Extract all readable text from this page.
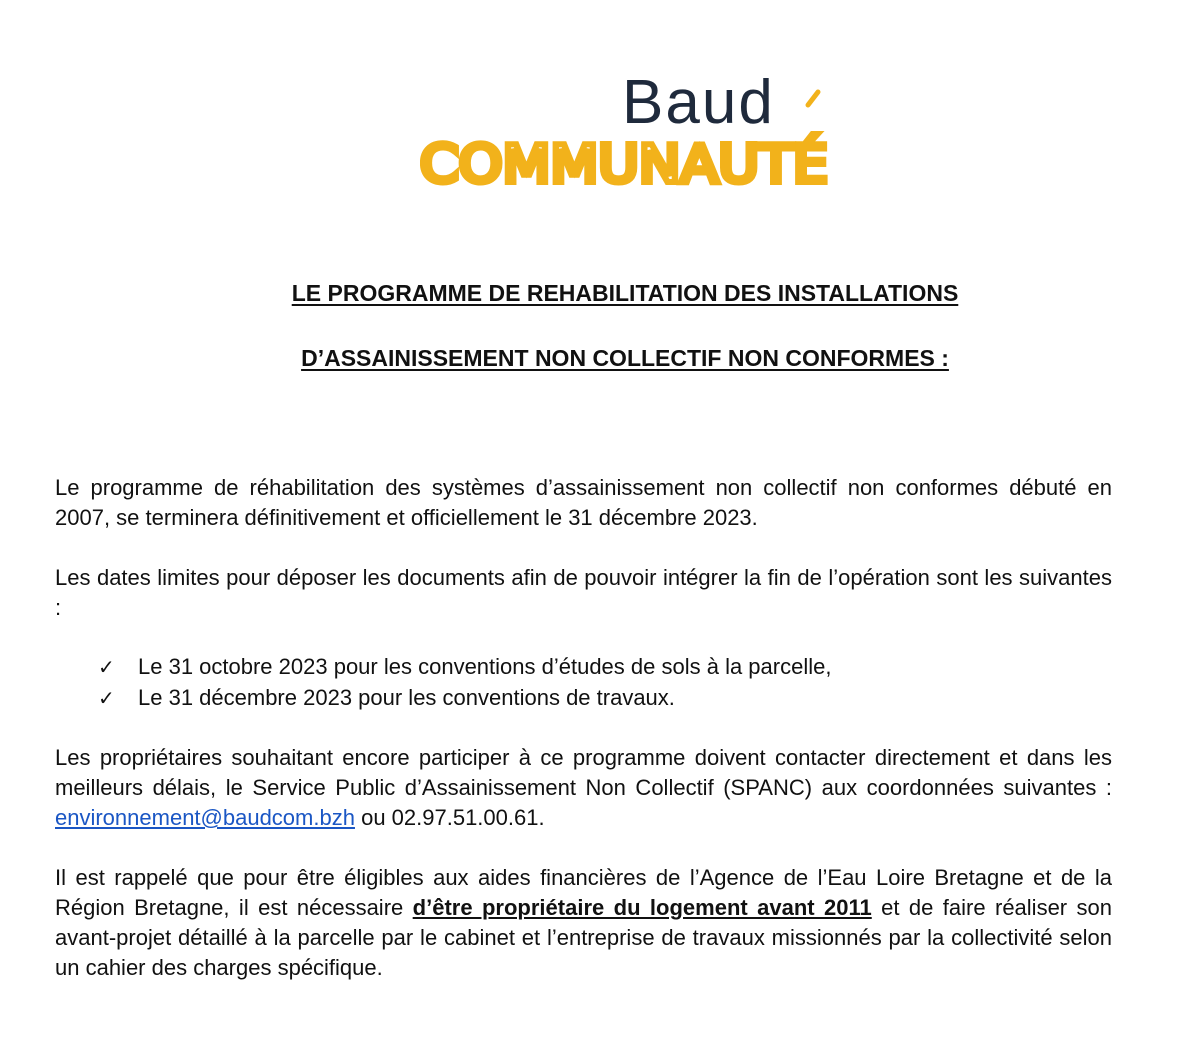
Baud
COMMUNAUTÉ
LE PROGRAMME DE REHABILITATION DES INSTALLATIONS
D’ASSAINISSEMENT NON COLLECTIF NON CONFORMES :

Le programme de réhabilitation des systèmes d’assainissement non collectif non conformes débuté en 2007, se terminera définitivement et officiellement le 31 décembre 2023.

Les dates limites pour déposer les documents afin de pouvoir intégrer la fin de l’opération sont les suivantes :

✓	Le 31 octobre 2023 pour les conventions d’études de sols à la parcelle,
✓	Le 31 décembre 2023 pour les conventions de travaux.

Les propriétaires souhaitant encore participer à ce programme doivent contacter directement et dans les meilleurs délais, le Service Public d’Assainissement Non Collectif (SPANC) aux coordonnées suivantes : environnement@baudcom.bzh ou 02.97.51.00.61.

Il est rappelé que pour être éligibles aux aides financières de l’Agence de l’Eau Loire Bretagne et de la Région Bretagne, il est nécessaire d’être propriétaire du logement avant 2011 et de faire réaliser son avant-projet détaillé à la parcelle par le cabinet et l’entreprise de travaux missionnés par la collectivité selon un cahier des charges spécifique.
